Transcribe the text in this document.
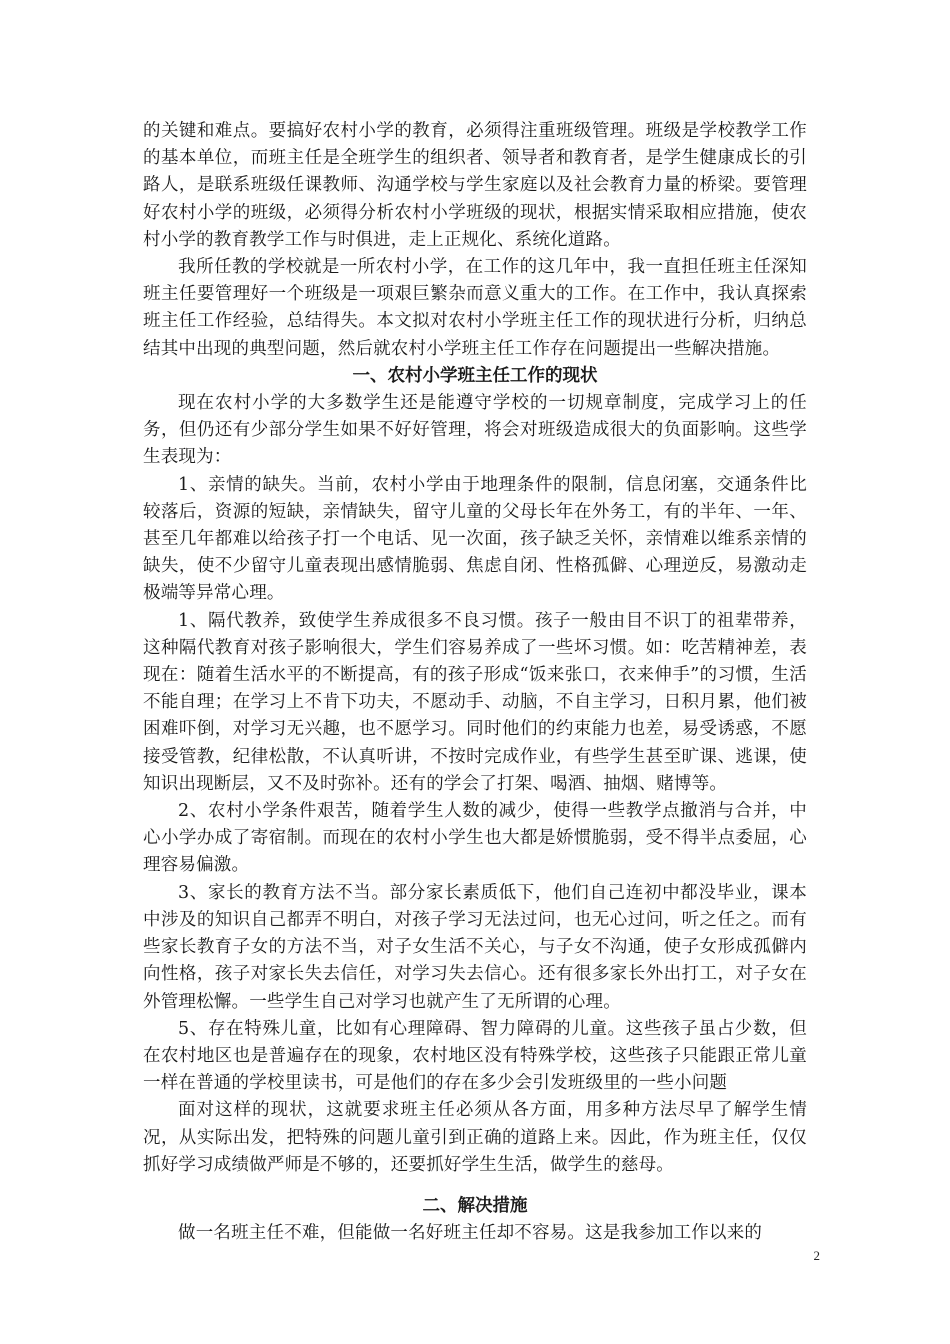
的关键和难点。要搞好农村小学的教育，必须得注重班级管理。班级是学校教学工作的基本单位，而班主任是全班学生的组织者、领导者和教育者，是学生健康成长的引路人，是联系班级任课教师、沟通学校与学生家庭以及社会教育力量的桥梁。要管理好农村小学的班级，必须得分析农村小学班级的现状，根据实情采取相应措施，使农村小学的教育教学工作与时俱进，走上正规化、系统化道路。

我所任教的学校就是一所农村小学，在工作的这几年中，我一直担任班主任深知班主任要管理好一个班级是一项艰巨繁杂而意义重大的工作。在工作中，我认真探索班主任工作经验，总结得失。本文拟对农村小学班主任工作的现状进行分析，归纳总结其中出现的典型问题，然后就农村小学班主任工作存在问题提出一些解决措施。

一、农村小学班主任工作的现状

现在农村小学的大多数学生还是能遵守学校的一切规章制度，完成学习上的任务，但仍还有少部分学生如果不好好管理，将会对班级造成很大的负面影响。这些学生表现为：

1、亲情的缺失。当前，农村小学由于地理条件的限制，信息闭塞，交通条件比较落后，资源的短缺，亲情缺失，留守儿童的父母长年在外务工，有的半年、一年、甚至几年都难以给孩子打一个电话、见一次面，孩子缺乏关怀，亲情难以维系亲情的缺失，使不少留守儿童表现出感情脆弱、焦虑自闭、性格孤僻、心理逆反，易激动走极端等异常心理。

1、隔代教养，致使学生养成很多不良习惯。孩子一般由目不识丁的祖辈带养，这种隔代教育对孩子影响很大，学生们容易养成了一些坏习惯。如：吃苦精神差，表现在：随着生活水平的不断提高，有的孩子形成“饭来张口，衣来伸手”的习惯，生活不能自理；在学习上不肯下功夫，不愿动手、动脑，不自主学习，日积月累，他们被困难吓倒，对学习无兴趣，也不愿学习。同时他们的约束能力也差，易受诱惑，不愿接受管教，纪律松散，不认真听讲，不按时完成作业，有些学生甚至旷课、逃课，使知识出现断层，又不及时弥补。还有的学会了打架、喝酒、抽烟、赌博等。

2、农村小学条件艰苦，随着学生人数的减少，使得一些教学点撤消与合并，中心小学办成了寄宿制。而现在的农村小学生也大都是娇惯脆弱，受不得半点委屈，心理容易偏激。

3、家长的教育方法不当。部分家长素质低下，他们自己连初中都没毕业，课本中涉及的知识自己都弄不明白，对孩子学习无法过问，也无心过问，听之任之。而有些家长教育子女的方法不当，对子女生活不关心，与子女不沟通，使子女形成孤僻内向性格，孩子对家长失去信任，对学习失去信心。还有很多家长外出打工，对子女在外管理松懈。一些学生自己对学习也就产生了无所谓的心理。

5、存在特殊儿童，比如有心理障碍、智力障碍的儿童。这些孩子虽占少数，但在农村地区也是普遍存在的现象，农村地区没有特殊学校，这些孩子只能跟正常儿童一样在普通的学校里读书，可是他们的存在多少会引发班级里的一些小问题

面对这样的现状，这就要求班主任必须从各方面，用多种方法尽早了解学生情况，从实际出发，把特殊的问题儿童引到正确的道路上来。因此，作为班主任，仅仅抓好学习成绩做严师是不够的，还要抓好学生生活，做学生的慈母。

二、解决措施

做一名班主任不难，但能做一名好班主任却不容易。这是我参加工作以来的

2
